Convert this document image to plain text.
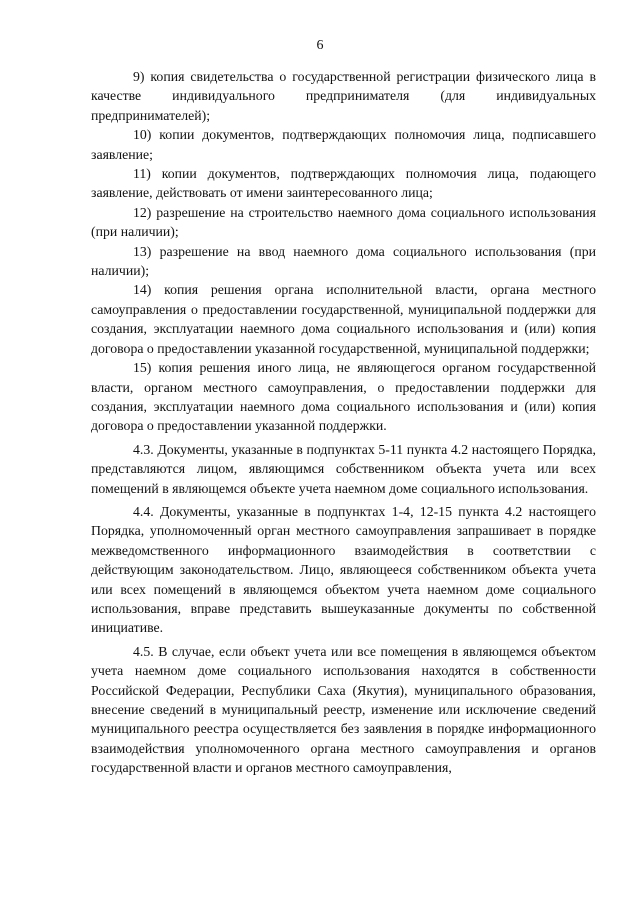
6

9) копия свидетельства о государственной регистрации физического лица в качестве индивидуального предпринимателя (для индивидуальных предпринимателей);

10) копии документов, подтверждающих полномочия лица, подписавшего заявление;

11) копии документов, подтверждающих полномочия лица, подающего заявление, действовать от имени заинтересованного лица;

12) разрешение на строительство наемного дома социального использования (при наличии);

13) разрешение на ввод наемного дома социального использования (при наличии);

14) копия решения органа исполнительной власти, органа местного самоуправления о предоставлении государственной, муниципальной поддержки для создания, эксплуатации наемного дома социального использования и (или) копия договора о предоставлении указанной государственной, муниципальной поддержки;

15) копия решения иного лица, не являющегося органом государственной власти, органом местного самоуправления, о предоставлении поддержки для создания, эксплуатации наемного дома социального использования и (или) копия договора о предоставлении указанной поддержки.

4.3. Документы, указанные в подпунктах 5-11 пункта 4.2 настоящего Порядка, представляются лицом, являющимся собственником объекта учета или всех помещений в являющемся объекте учета наемном доме социального использования.

4.4. Документы, указанные в подпунктах 1-4, 12-15 пункта 4.2 настоящего Порядка, уполномоченный орган местного самоуправления запрашивает в порядке межведомственного информационного взаимодействия в соответствии с действующим законодательством. Лицо, являющееся собственником объекта учета или всех помещений в являющемся объектом учета наемном доме социального использования, вправе представить вышеуказанные документы по собственной инициативе.

4.5. В случае, если объект учета или все помещения в являющемся объектом учета наемном доме социального использования находятся в собственности Российской Федерации, Республики Саха (Якутия), муниципального образования, внесение сведений в муниципальный реестр, изменение или исключение сведений муниципального реестра осуществляется без заявления в порядке информационного взаимодействия уполномоченного органа местного самоуправления и органов государственной власти и органов местного самоуправления,
